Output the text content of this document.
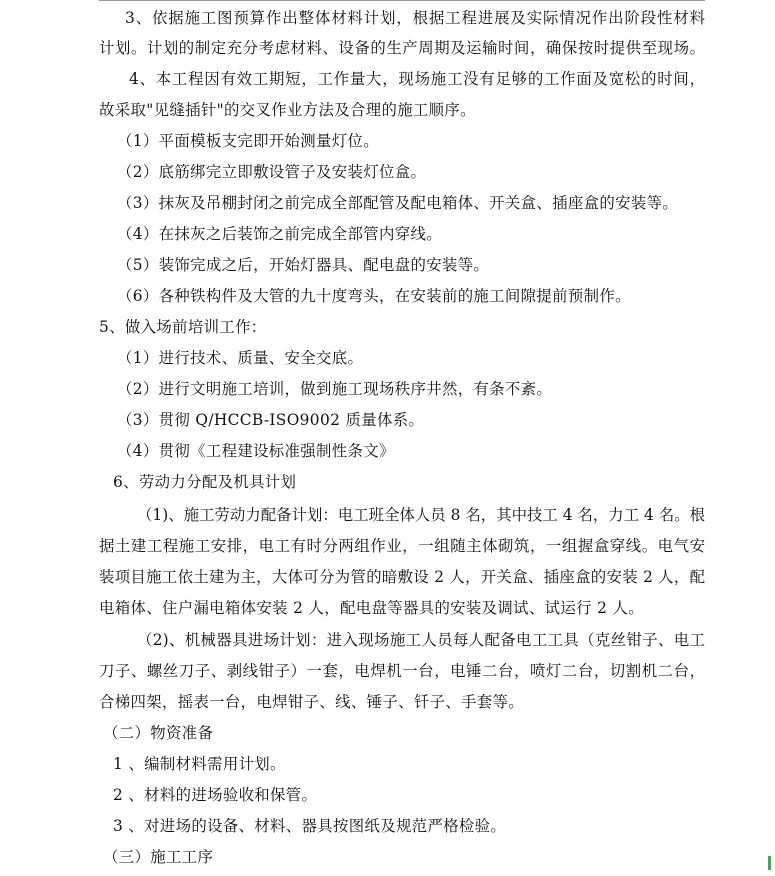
3、依据施工图预算作出整体材料计划，根据工程进展及实际情况作出阶段性材料
计划。计划的制定充分考虑材料、设备的生产周期及运输时间，确保按时提供至现场。
4、本工程因有效工期短，工作量大，现场施工没有足够的工作面及宽松的时间，
故采取"见缝插针"的交叉作业方法及合理的施工顺序。
（1）平面模板支完即开始测量灯位。
（2）底筋绑完立即敷设管子及安装灯位盒。
（3）抹灰及吊棚封闭之前完成全部配管及配电箱体、开关盒、插座盒的安装等。
（4）在抹灰之后装饰之前完成全部管内穿线。
（5）装饰完成之后，开始灯器具、配电盘的安装等。
（6）各种铁构件及大管的九十度弯头，在安装前的施工间隙提前预制作。
5、做入场前培训工作：
（1）进行技术、质量、安全交底。
（2）进行文明施工培训，做到施工现场秩序井然，有条不紊。
（3）贯彻 Q/HCCB-ISO9002 质量体系。
（4）贯彻《工程建设标准强制性条文》
6、劳动力分配及机具计划
（1)、施工劳动力配备计划：电工班全体人员 8 名，其中技工 4 名，力工 4 名。根
据土建工程施工安排，电工有时分两组作业，一组随主体砌筑，一组握盒穿线。电气安
装项目施工依土建为主，大体可分为管的暗敷设 2 人，开关盒、插座盒的安装 2 人，配
电箱体、住户漏电箱体安装 2 人，配电盘等器具的安装及调试、试运行 2 人。
（2)、机械器具进场计划：进入现场施工人员每人配备电工工具（克丝钳子、电工
刀子、螺丝刀子、剥线钳子）一套，电焊机一台，电锤二台，喷灯二台，切割机二台，
合梯四架，摇表一台，电焊钳子、线、锤子、钎子、手套等。
（二）物资准备
1 、编制材料需用计划。
2 、材料的进场验收和保管。
3 、对进场的设备、材料、器具按图纸及规范严格检验。
（三）施工工序
